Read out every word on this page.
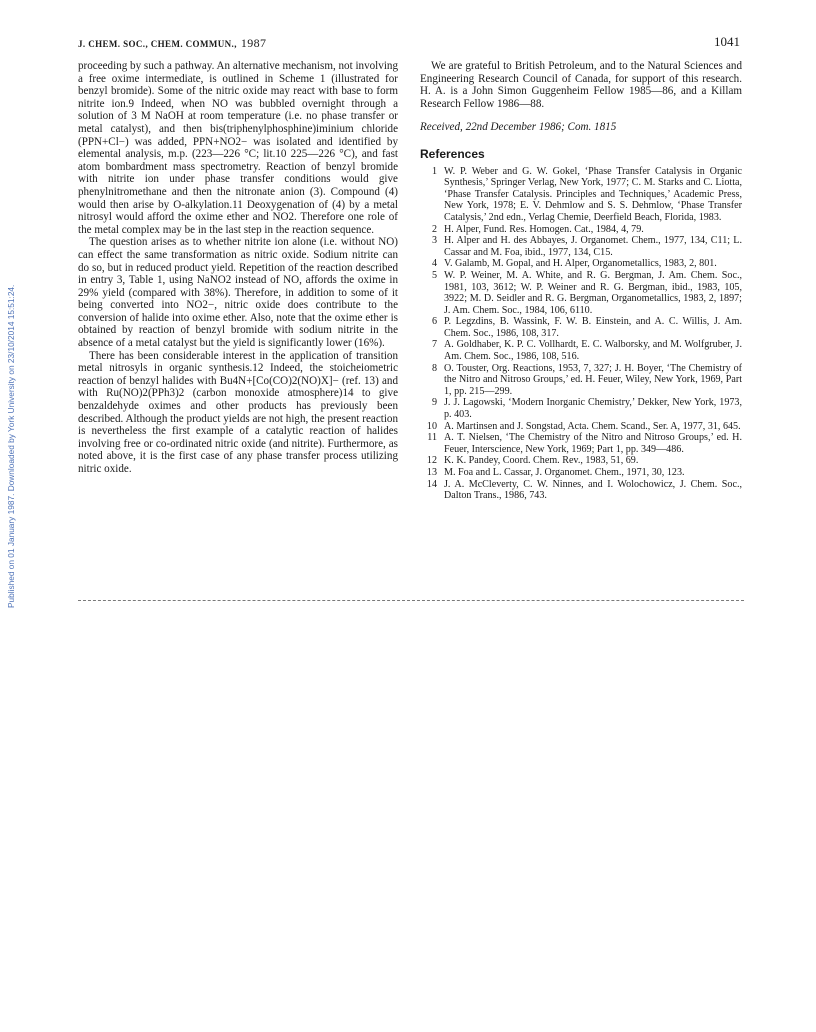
J. CHEM. SOC., CHEM. COMMUN., 1987	1041
Published on 01 January 1987. Downloaded by York University on 23/10/2014 15:51:24.

proceeding by such a pathway. An alternative mechanism, not involving a free oxime intermediate, is outlined in Scheme 1 (illustrated for benzyl bromide). Some of the nitric oxide may react with base to form nitrite ion.9 Indeed, when NO was bubbled overnight through a solution of 3 M NaOH at room temperature (i.e. no phase transfer or metal catalyst), and then bis(triphenylphosphine)iminium chloride (PPN+Cl−) was added, PPN+NO2− was isolated and identified by elemental analysis, m.p. (223—226 °C; lit.10 225—226 °C), and fast atom bombardment mass spectrometry. Reaction of benzyl bromide with nitrite ion under phase transfer conditions would give phenylnitromethane and then the nitronate anion (3). Compound (4) would then arise by O-alkylation.11 Deoxygenation of (4) by a metal nitrosyl would afford the oxime ether and NO2. Therefore one role of the metal complex may be in the last step in the reaction sequence.

The question arises as to whether nitrite ion alone (i.e. without NO) can effect the same transformation as nitric oxide. Sodium nitrite can do so, but in reduced product yield. Repetition of the reaction described in entry 3, Table 1, using NaNO2 instead of NO, affords the oxime in 29% yield (compared with 38%). Therefore, in addition to some of it being converted into NO2−, nitric oxide does contribute to the conversion of halide into oxime ether. Also, note that the oxime ether is obtained by reaction of benzyl bromide with sodium nitrite in the absence of a metal catalyst but the yield is significantly lower (16%).

There has been considerable interest in the application of transition metal nitrosyls in organic synthesis.12 Indeed, the stoicheiometric reaction of benzyl halides with Bu4N+[Co(CO)2(NO)X]− (ref. 13) and with Ru(NO)2(PPh3)2 (carbon monoxide atmosphere)14 to give benzaldehyde oximes and other products has previously been described. Although the product yields are not high, the present reaction is nevertheless the first example of a catalytic reaction of halides involving free or co-ordinated nitric oxide (and nitrite). Furthermore, as noted above, it is the first case of any phase transfer process utilizing nitric oxide.

We are grateful to British Petroleum, and to the Natural Sciences and Engineering Research Council of Canada, for support of this research. H. A. is a John Simon Guggenheim Fellow 1985—86, and a Killam Research Fellow 1986—88.

Received, 22nd December 1986; Com. 1815

References
1 W. P. Weber and G. W. Gokel, ‘Phase Transfer Catalysis in Organic Synthesis,’ Springer Verlag, New York, 1977; C. M. Starks and C. Liotta, ‘Phase Transfer Catalysis. Principles and Techniques,’ Academic Press, New York, 1978; E. V. Dehmlow and S. S. Dehmlow, ‘Phase Transfer Catalysis,’ 2nd edn., Verlag Chemie, Deerfield Beach, Florida, 1983.
2 H. Alper, Fund. Res. Homogen. Cat., 1984, 4, 79.
3 H. Alper and H. des Abbayes, J. Organomet. Chem., 1977, 134, C11; L. Cassar and M. Foa, ibid., 1977, 134, C15.
4 V. Galamb, M. Gopal, and H. Alper, Organometallics, 1983, 2, 801.
5 W. P. Weiner, M. A. White, and R. G. Bergman, J. Am. Chem. Soc., 1981, 103, 3612; W. P. Weiner and R. G. Bergman, ibid., 1983, 105, 3922; M. D. Seidler and R. G. Bergman, Organometallics, 1983, 2, 1897; J. Am. Chem. Soc., 1984, 106, 6110.
6 P. Legzdins, B. Wassink, F. W. B. Einstein, and A. C. Willis, J. Am. Chem. Soc., 1986, 108, 317.
7 A. Goldhaber, K. P. C. Vollhardt, E. C. Walborsky, and M. Wolfgruber, J. Am. Chem. Soc., 1986, 108, 516.
8 O. Touster, Org. Reactions, 1953, 7, 327; J. H. Boyer, ‘The Chemistry of the Nitro and Nitroso Groups,’ ed. H. Feuer, Wiley, New York, 1969, Part 1, pp. 215—299.
9 J. J. Lagowski, ‘Modern Inorganic Chemistry,’ Dekker, New York, 1973, p. 403.
10 A. Martinsen and J. Songstad, Acta. Chem. Scand., Ser. A, 1977, 31, 645.
11 A. T. Nielsen, ‘The Chemistry of the Nitro and Nitroso Groups,’ ed. H. Feuer, Interscience, New York, 1969; Part 1, pp. 349—486.
12 K. K. Pandey, Coord. Chem. Rev., 1983, 51, 69.
13 M. Foa and L. Cassar, J. Organomet. Chem., 1971, 30, 123.
14 J. A. McCleverty, C. W. Ninnes, and I. Wolochowicz, J. Chem. Soc., Dalton Trans., 1986, 743.
